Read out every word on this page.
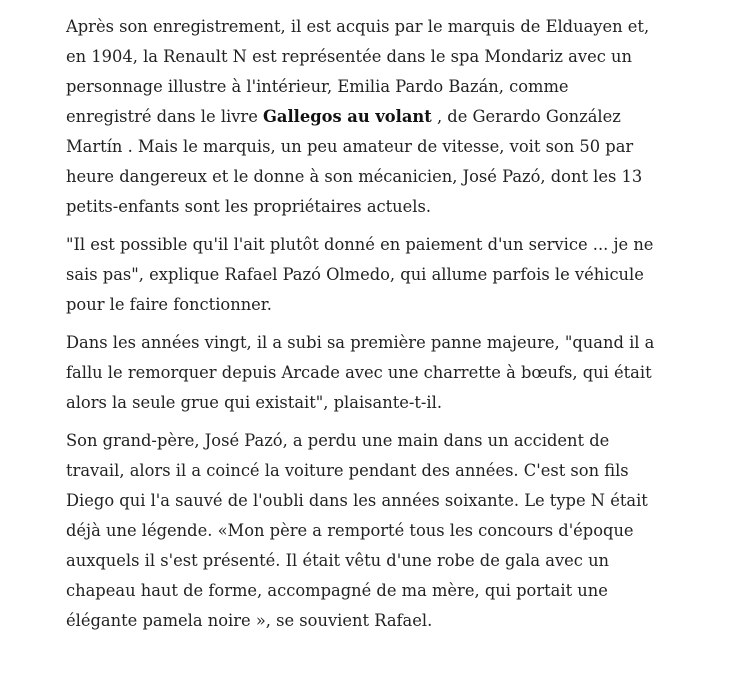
Après son enregistrement, il est acquis par le marquis de Elduayen et, en 1904, la Renault N est représentée dans le spa Mondariz avec un personnage illustre à l'intérieur, Emilia Pardo Bazán, comme enregistré dans le livre Gallegos au volant , de Gerardo González Martín . Mais le marquis, un peu amateur de vitesse, voit son 50 par heure dangereux et le donne à son mécanicien, José Pazó, dont les 13 petits-enfants sont les propriétaires actuels.

"Il est possible qu'il l'ait plutôt donné en paiement d'un service ... je ne sais pas", explique Rafael Pazó Olmedo, qui allume parfois le véhicule pour le faire fonctionner.

Dans les années vingt, il a subi sa première panne majeure, "quand il a fallu le remorquer depuis Arcade avec une charrette à bœufs, qui était alors la seule grue qui existait", plaisante-t-il.

Son grand-père, José Pazó, a perdu une main dans un accident de travail, alors il a coincé la voiture pendant des années. C'est son fils Diego qui l'a sauvé de l'oubli dans les années soixante. Le type N était déjà une légende. «Mon père a remporté tous les concours d'époque auxquels il s'est présenté. Il était vêtu d'une robe de gala avec un chapeau haut de forme, accompagné de ma mère, qui portait une élégante pamela noire », se souvient Rafael.
